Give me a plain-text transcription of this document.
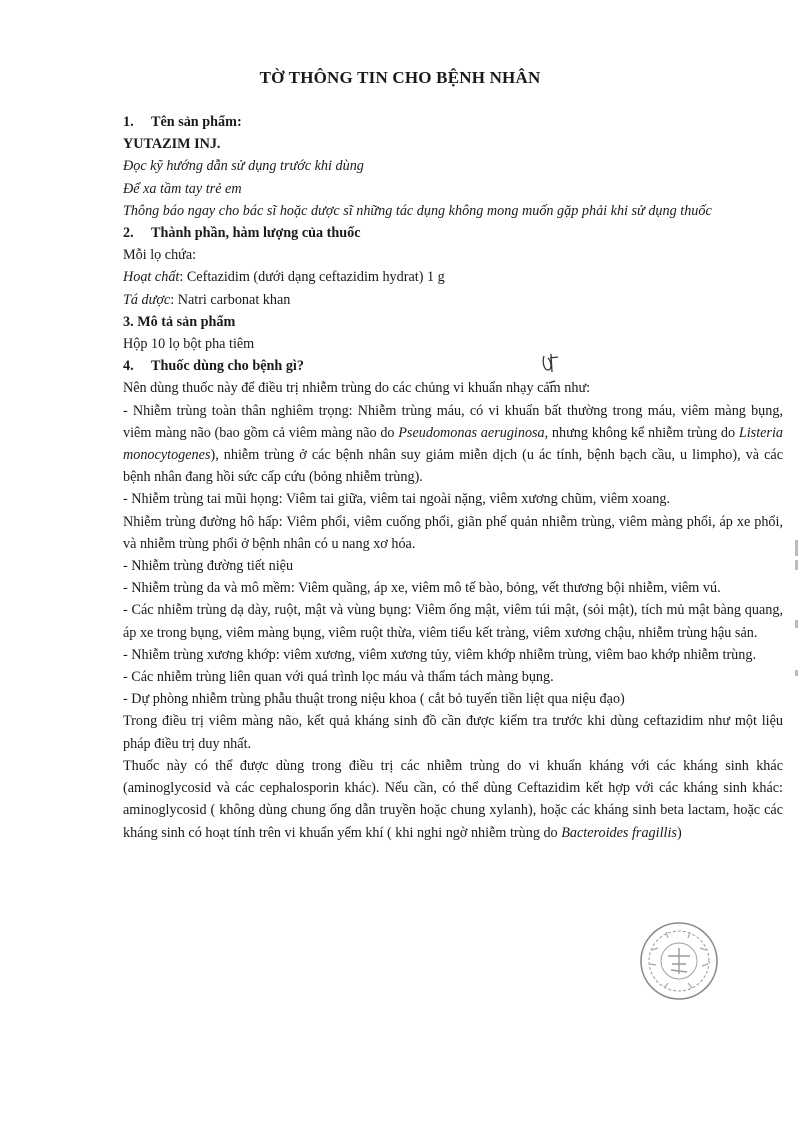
TỜ THÔNG TIN CHO BỆNH NHÂN

1. Tên sản phẩm:

YUTAZIM INJ.

Đọc kỹ hướng dẫn sử dụng trước khi dùng

Để xa tầm tay trẻ em

Thông báo ngay cho bác sĩ hoặc dược sĩ những tác dụng không mong muốn gặp phải khi sử dụng thuốc

2. Thành phần, hàm lượng của thuốc

Mỗi lọ chứa:

Hoạt chất: Ceftazidim (dưới dạng ceftazidim hydrat) 1 g

Tá dược: Natri carbonat khan

3. Mô tả sản phẩm

Hộp 10 lọ bột pha tiêm

4. Thuốc dùng cho bệnh gì?

Nên dùng thuốc này để điều trị nhiễm trùng do các chủng vi khuẩn nhạy cảm như:

- Nhiễm trùng toàn thân nghiêm trọng: Nhiễm trùng máu, có vi khuẩn bất thường trong máu, viêm màng bụng, viêm màng não (bao gồm cả viêm màng não do Pseudomonas aeruginosa, nhưng không kể nhiễm trùng do Listeria monocytogenes), nhiễm trùng ở các bệnh nhân suy giảm miễn dịch (u ác tính, bệnh bạch cầu, u limpho), và các bệnh nhân đang hồi sức cấp cứu (bỏng nhiễm trùng).

- Nhiễm trùng tai mũi họng: Viêm tai giữa, viêm tai ngoài nặng, viêm xương chũm, viêm xoang.

Nhiễm trùng đường hô hấp: Viêm phổi, viêm cuống phổi, giãn phế quản nhiễm trùng, viêm màng phổi, áp xe phổi, và nhiễm trùng phổi ở bệnh nhân có u nang xơ hóa.

- Nhiễm trùng đường tiết niệu

- Nhiễm trùng da và mô mềm: Viêm quầng, áp xe, viêm mô tế bào, bỏng, vết thương bội nhiễm, viêm vú.

- Các nhiễm trùng dạ dày, ruột, mật và vùng bụng: Viêm ống mật, viêm túi mật, (sỏi mật), tích mủ mật bàng quang, áp xe trong bụng, viêm màng bụng, viêm ruột thừa, viêm tiểu kết tràng, viêm xương chậu, nhiễm trùng hậu sản.

- Nhiễm trùng xương khớp: viêm xương, viêm xương tủy, viêm khớp nhiễm trùng, viêm bao khớp nhiễm trùng.

- Các nhiễm trùng liên quan với quá trình lọc máu và thẩm tách màng bụng.

- Dự phòng nhiễm trùng phẫu thuật trong niệu khoa ( cắt bỏ tuyến tiền liệt qua niệu đạo)

Trong điều trị viêm màng não, kết quả kháng sinh đồ cần được kiểm tra trước khi dùng ceftazidim như một liệu pháp điều trị duy nhất.

Thuốc này có thể được dùng trong điều trị các nhiễm trùng do vi khuẩn kháng với các kháng sinh khác (aminoglycosid và các cephalosporin khác). Nếu cần, có thể dùng Ceftazidim kết hợp với các kháng sinh khác: aminoglycosid ( không dùng chung ống dẫn truyền hoặc chung xylanh), hoặc các kháng sinh beta lactam, hoặc các kháng sinh có hoạt tính trên vi khuẩn yếm khí ( khi nghi ngờ nhiễm trùng do Bacteroides fragillis)
